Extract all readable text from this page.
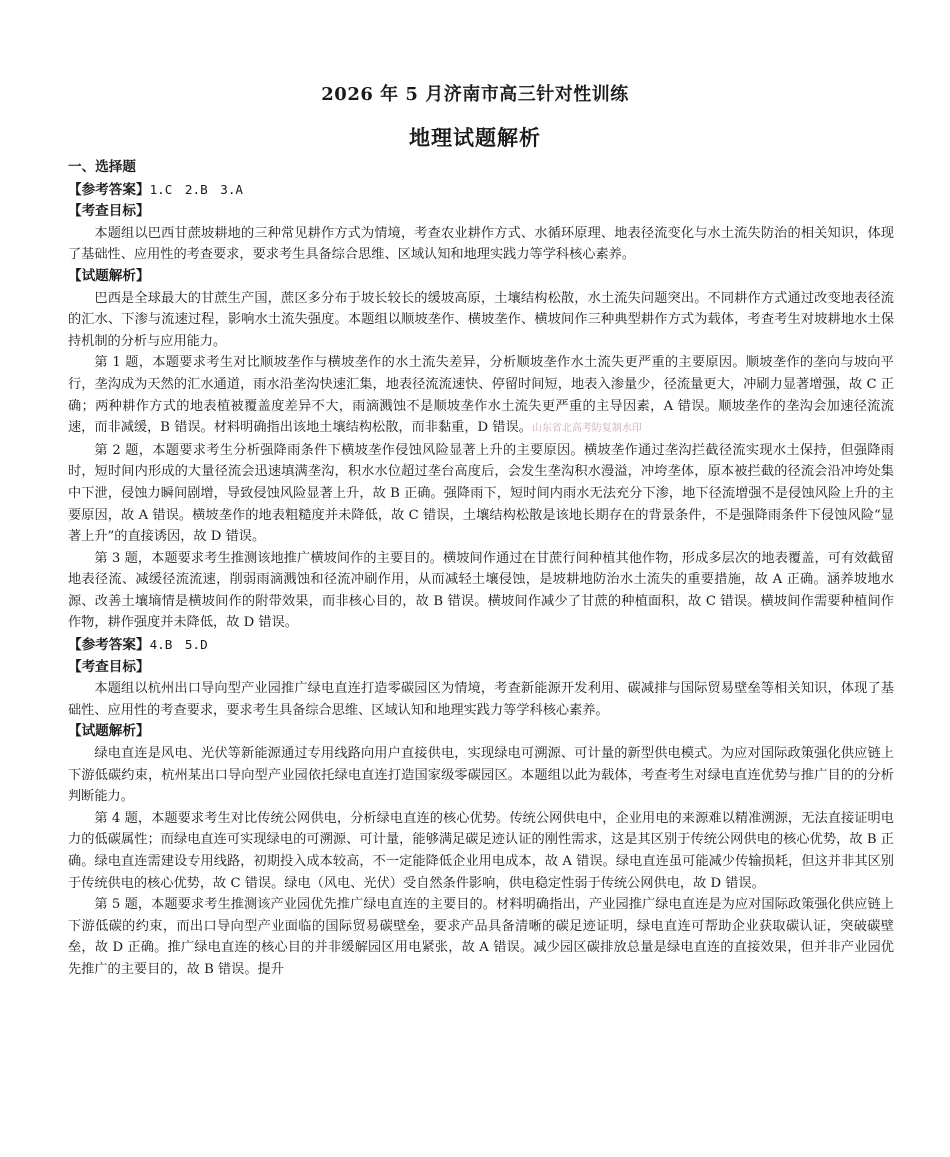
2026 年 5 月济南市高三针对性训练
地理试题解析

一、选择题

【参考答案】1.C　2.B　3.A

【考查目标】

本题组以巴西甘蔗坡耕地的三种常见耕作方式为情境，考查农业耕作方式、水循环原理、地表径流变化与水土流失防治的相关知识，体现了基础性、应用性的考查要求，要求考生具备综合思维、区域认知和地理实践力等学科核心素养。

【试题解析】

巴西是全球最大的甘蔗生产国，蔗区多分布于坡长较长的缓坡高原，土壤结构松散，水土流失问题突出。不同耕作方式通过改变地表径流的汇水、下渗与流速过程，影响水土流失强度。本题组以顺坡垄作、横坡垄作、横坡间作三种典型耕作方式为载体，考查考生对坡耕地水土保持机制的分析与应用能力。

第 1 题，本题要求考生对比顺坡垄作与横坡垄作的水土流失差异，分析顺坡垄作水土流失更严重的主要原因。顺坡垄作的垄向与坡向平行，垄沟成为天然的汇水通道，雨水沿垄沟快速汇集，地表径流流速快、停留时间短，地表入渗量少，径流量更大，冲刷力显著增强，故 C 正确；两种耕作方式的地表植被覆盖度差异不大，雨滴溅蚀不是顺坡垄作水土流失更严重的主导因素，A 错误。顺坡垄作的垄沟会加速径流流速，而非减缓，B 错误。材料明确指出该地土壤结构松散，而非黏重，D 错误。山东省北高考防复制水印

第 2 题，本题要求考生分析强降雨条件下横坡垄作侵蚀风险显著上升的主要原因。横坡垄作通过垄沟拦截径流实现水土保持，但强降雨时，短时间内形成的大量径流会迅速填满垄沟，积水水位超过垄台高度后，会发生垄沟积水漫溢，冲垮垄体，原本被拦截的径流会沿冲垮处集中下泄，侵蚀力瞬间剧增，导致侵蚀风险显著上升，故 B 正确。强降雨下，短时间内雨水无法充分下渗，地下径流增强不是侵蚀风险上升的主要原因，故 A 错误。横坡垄作的地表粗糙度并未降低，故 C 错误，土壤结构松散是该地长期存在的背景条件，不是强降雨条件下侵蚀风险“显著上升”的直接诱因，故 D 错误。

第 3 题，本题要求考生推测该地推广横坡间作的主要目的。横坡间作通过在甘蔗行间种植其他作物，形成多层次的地表覆盖，可有效截留地表径流、减缓径流流速，削弱雨滴溅蚀和径流冲刷作用，从而减轻土壤侵蚀，是坡耕地防治水土流失的重要措施，故 A 正确。涵养坡地水源、改善土壤墒情是横坡间作的附带效果，而非核心目的，故 B 错误。横坡间作减少了甘蔗的种植面积，故 C 错误。横坡间作需要种植间作作物，耕作强度并未降低，故 D 错误。

【参考答案】4.B　5.D

【考查目标】

本题组以杭州出口导向型产业园推广绿电直连打造零碳园区为情境，考查新能源开发利用、碳减排与国际贸易壁垒等相关知识，体现了基础性、应用性的考查要求，要求考生具备综合思维、区域认知和地理实践力等学科核心素养。

【试题解析】

绿电直连是风电、光伏等新能源通过专用线路向用户直接供电，实现绿电可溯源、可计量的新型供电模式。为应对国际政策强化供应链上下游低碳约束，杭州某出口导向型产业园依托绿电直连打造国家级零碳园区。本题组以此为载体，考查考生对绿电直连优势与推广目的的分析判断能力。

第 4 题，本题要求考生对比传统公网供电，分析绿电直连的核心优势。传统公网供电中，企业用电的来源难以精准溯源，无法直接证明电力的低碳属性；而绿电直连可实现绿电的可溯源、可计量，能够满足碳足迹认证的刚性需求，这是其区别于传统公网供电的核心优势，故 B 正确。绿电直连需建设专用线路，初期投入成本较高，不一定能降低企业用电成本，故 A 错误。绿电直连虽可能减少传输损耗，但这并非其区别于传统供电的核心优势，故 C 错误。绿电（风电、光伏）受自然条件影响，供电稳定性弱于传统公网供电，故 D 错误。

第 5 题，本题要求考生推测该产业园优先推广绿电直连的主要目的。材料明确指出，产业园推广绿电直连是为应对国际政策强化供应链上下游低碳的约束，而出口导向型产业面临的国际贸易碳壁垒，要求产品具备清晰的碳足迹证明，绿电直连可帮助企业获取碳认证，突破碳壁垒，故 D 正确。推广绿电直连的核心目的并非缓解园区用电紧张，故 A 错误。减少园区碳排放总量是绿电直连的直接效果，但并非产业园优先推广的主要目的，故 B 错误。提升
